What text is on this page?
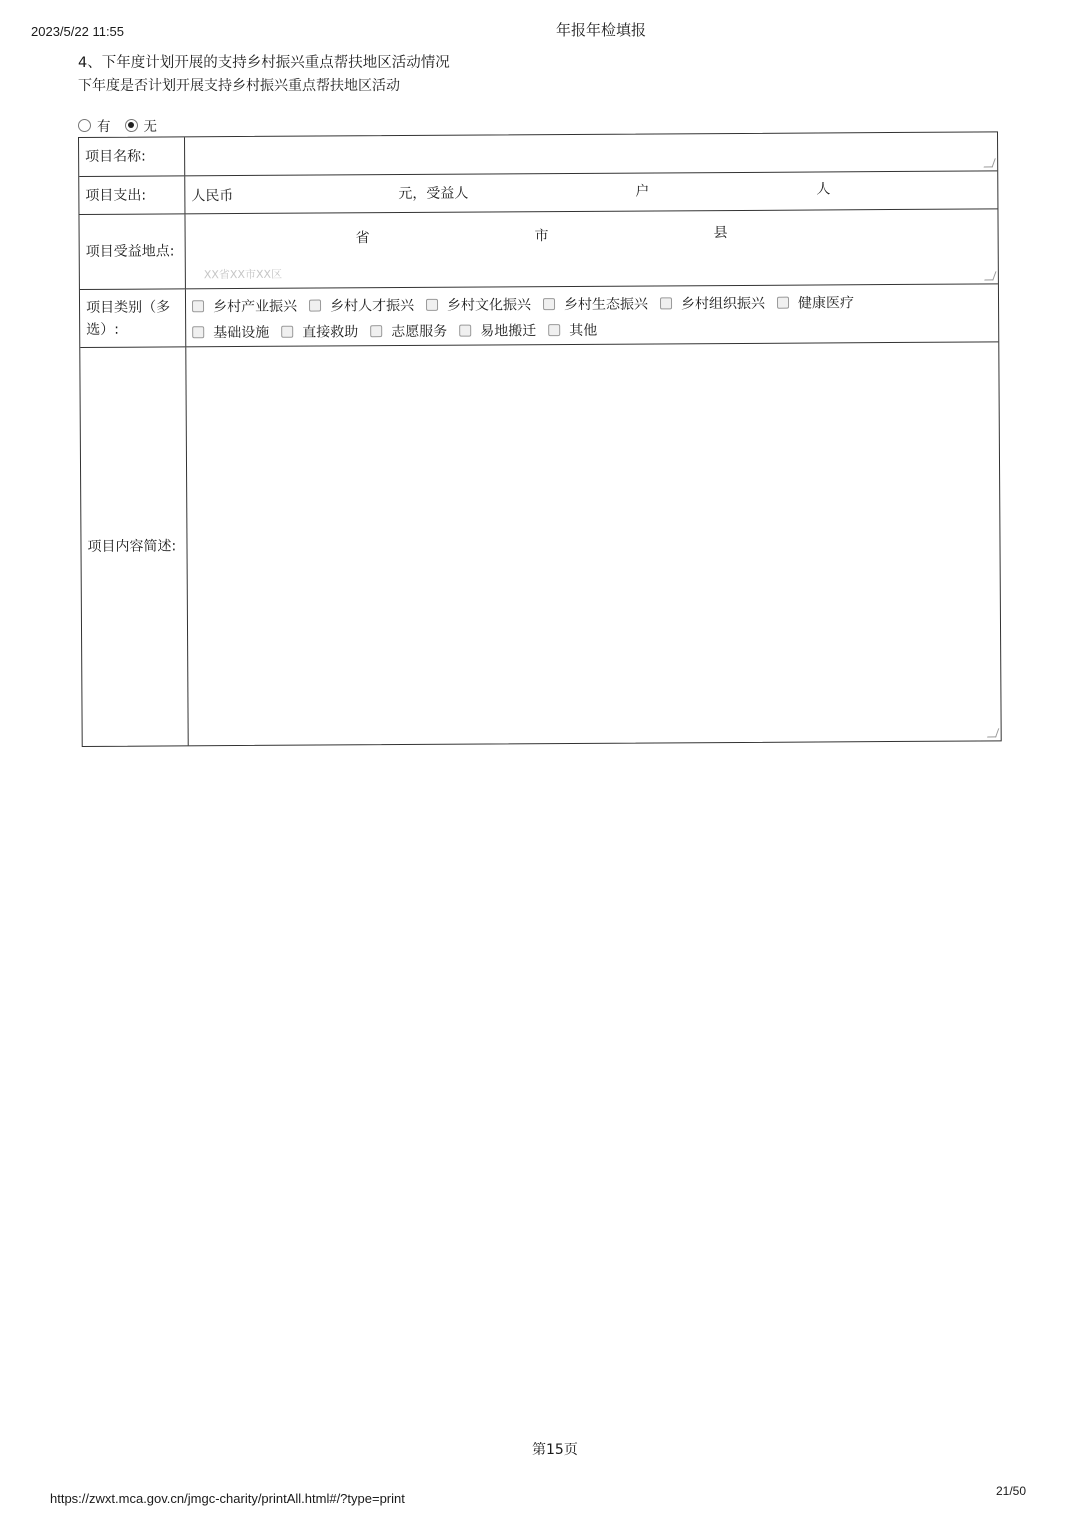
2023/5/22 11:55	年报年检填报
4、下年度计划开展的支持乡村振兴重点帮扶地区活动情况
下年度是否计划开展支持乡村振兴重点帮扶地区活动
有 无
项目名称:
项目支出:	人民币	元，受益人	户	人
项目受益地点:
省	市	县
XX省XX市XX区
项目类别（多选）:
乡村产业振兴 乡村人才振兴 乡村文化振兴 乡村生态振兴 乡村组织振兴 健康医疗
基础设施 直接救助 志愿服务 易地搬迁 其他
项目内容简述:
第15页
https://zwxt.mca.gov.cn/jmgc-charity/printAll.html#/?type=print	21/50
